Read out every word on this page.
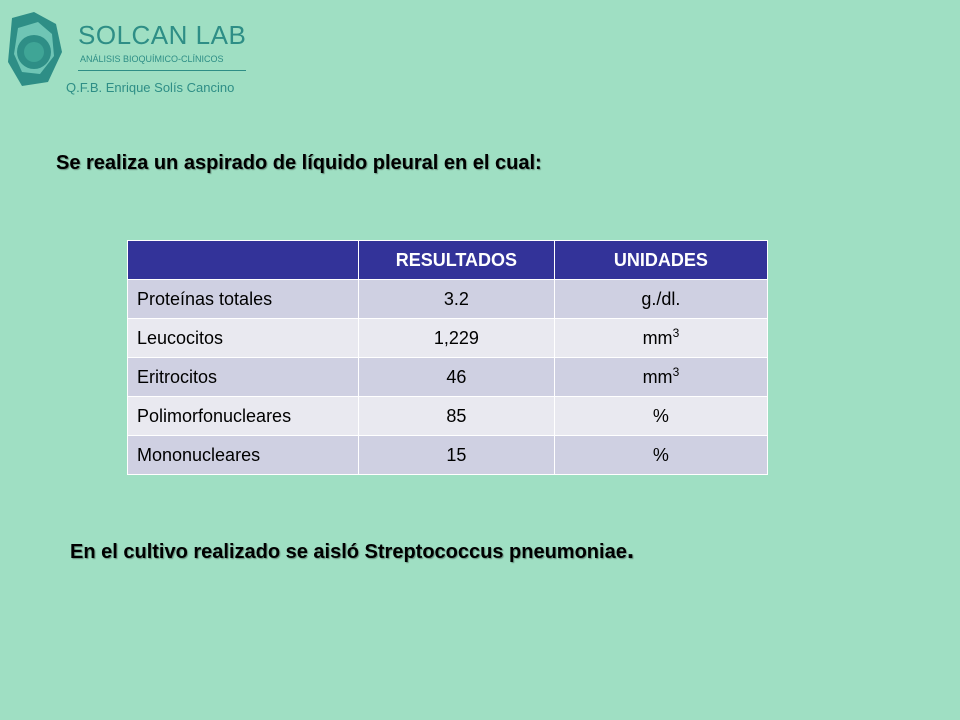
SOLCAN LAB
ANÁLISIS BIOQUÍMICO-CLÍNICOS
Q.F.B. Enrique Solís Cancino
Se realiza un aspirado de líquido pleural en el cual:
	RESULTADOS	UNIDADES
Proteínas totales	3.2	g./dl.
Leucocitos	1,229	$mm^3$
Eritrocitos	46	$mm^3$
Polimorfonucleares	85	%
Mononucleares	15	%
En el cultivo realizado se aisló Streptococcus pneumoniae.
